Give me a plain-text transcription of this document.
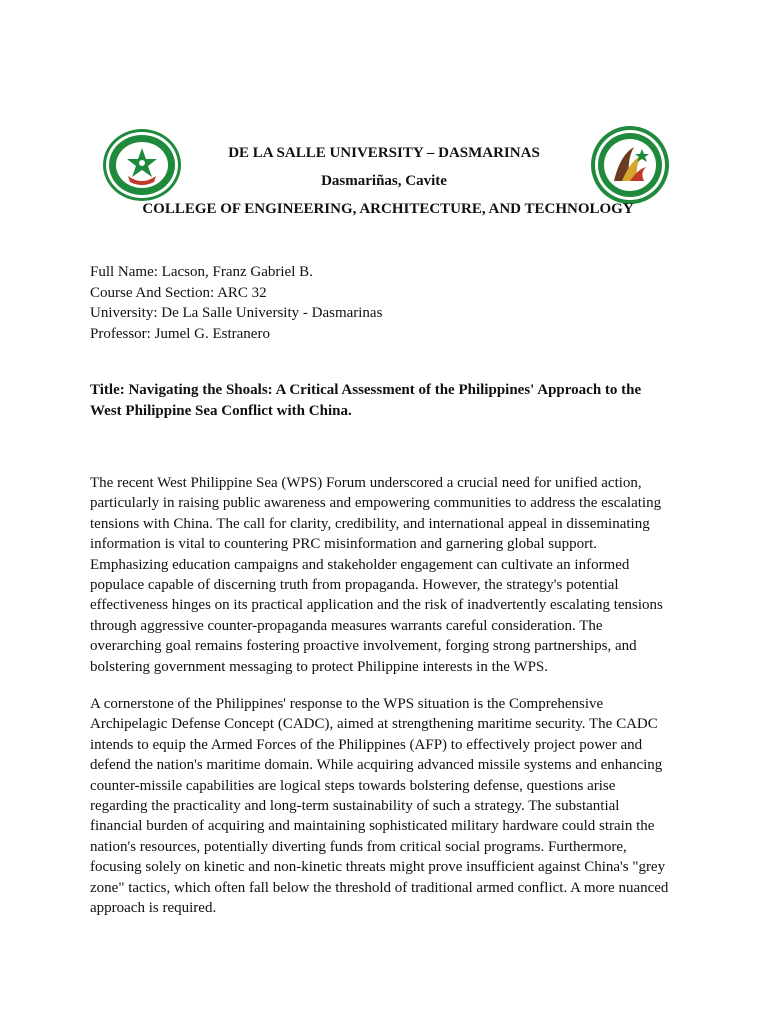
DE LA SALLE UNIVERSITY – DASMARINAS
Dasmariñas, Cavite
COLLEGE OF ENGINEERING, ARCHITECTURE, AND TECHNOLOGY
Full Name: Lacson, Franz Gabriel B.
Course And Section: ARC 32
University: De La Salle University - Dasmarinas
Professor: Jumel G. Estranero
Title: Navigating the Shoals: A Critical Assessment of the Philippines' Approach to the
West Philippine Sea Conflict with China.
The recent West Philippine Sea (WPS) Forum underscored a crucial need for unified action,
particularly in raising public awareness and empowering communities to address the escalating
tensions with China. The call for clarity, credibility, and international appeal in disseminating
information is vital to countering PRC misinformation and garnering global support.
Emphasizing education campaigns and stakeholder engagement can cultivate an informed
populace capable of discerning truth from propaganda. However, the strategy's potential
effectiveness hinges on its practical application and the risk of inadvertently escalating tensions
through aggressive counter-propaganda measures warrants careful consideration. The
overarching goal remains fostering proactive involvement, forging strong partnerships, and
bolstering government messaging to protect Philippine interests in the WPS.
A cornerstone of the Philippines' response to the WPS situation is the Comprehensive
Archipelagic Defense Concept (CADC), aimed at strengthening maritime security. The CADC
intends to equip the Armed Forces of the Philippines (AFP) to effectively project power and
defend the nation's maritime domain. While acquiring advanced missile systems and enhancing
counter-missile capabilities are logical steps towards bolstering defense, questions arise
regarding the practicality and long-term sustainability of such a strategy. The substantial
financial burden of acquiring and maintaining sophisticated military hardware could strain the
nation's resources, potentially diverting funds from critical social programs. Furthermore,
focusing solely on kinetic and non-kinetic threats might prove insufficient against China's "grey
zone" tactics, which often fall below the threshold of traditional armed conflict. A more nuanced
approach is required.
